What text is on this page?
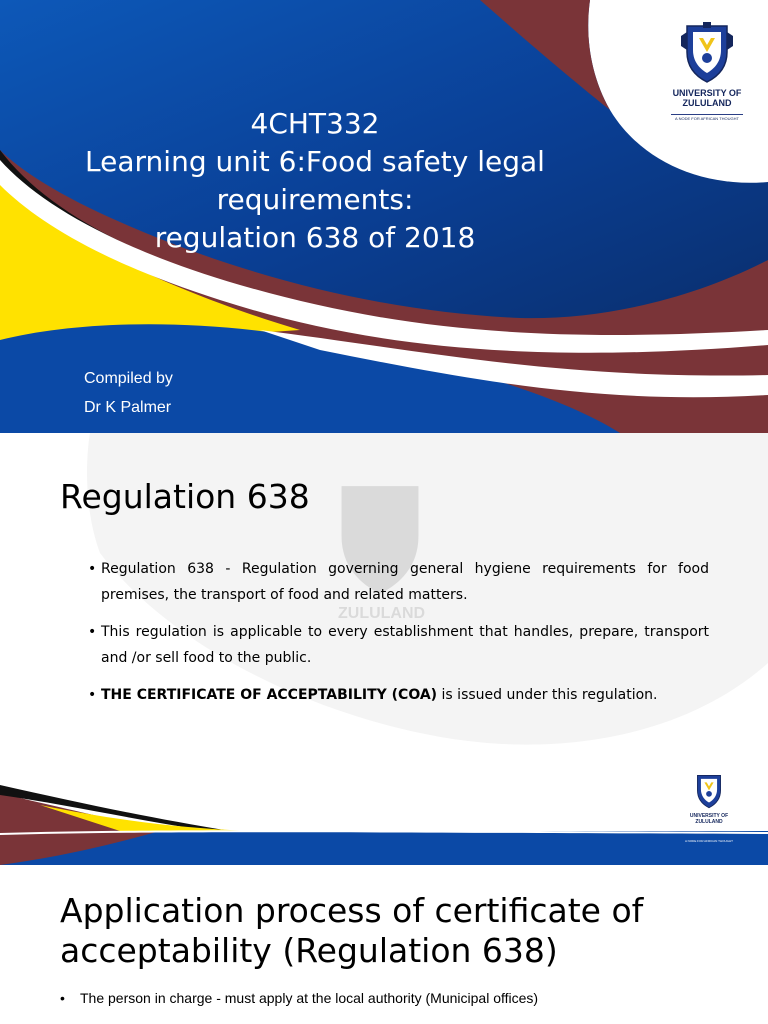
4CHT332
Learning unit 6:Food safety legal
requirements:
regulation 638 of 2018
Compiled by
Dr K Palmer
UNIVERSITY OF
ZULULAND
A NODE FOR AFRICAN THOUGHT
ZULULAND
Regulation 638
• Regulation 638 - Regulation governing general hygiene requirements for food premises, the transport of food and related matters.
• This regulation is applicable to every establishment that handles, prepare, transport and /or sell food to the public.
• THE CERTIFICATE OF ACCEPTABILITY (COA) is issued under this regulation.
UNIVERSITY OF
ZULULAND
A NODE FOR AFRICAN THOUGHT
Application process of certificate of
acceptability (Regulation 638)
• The person in charge - must apply at the local authority (Municipal offices)
